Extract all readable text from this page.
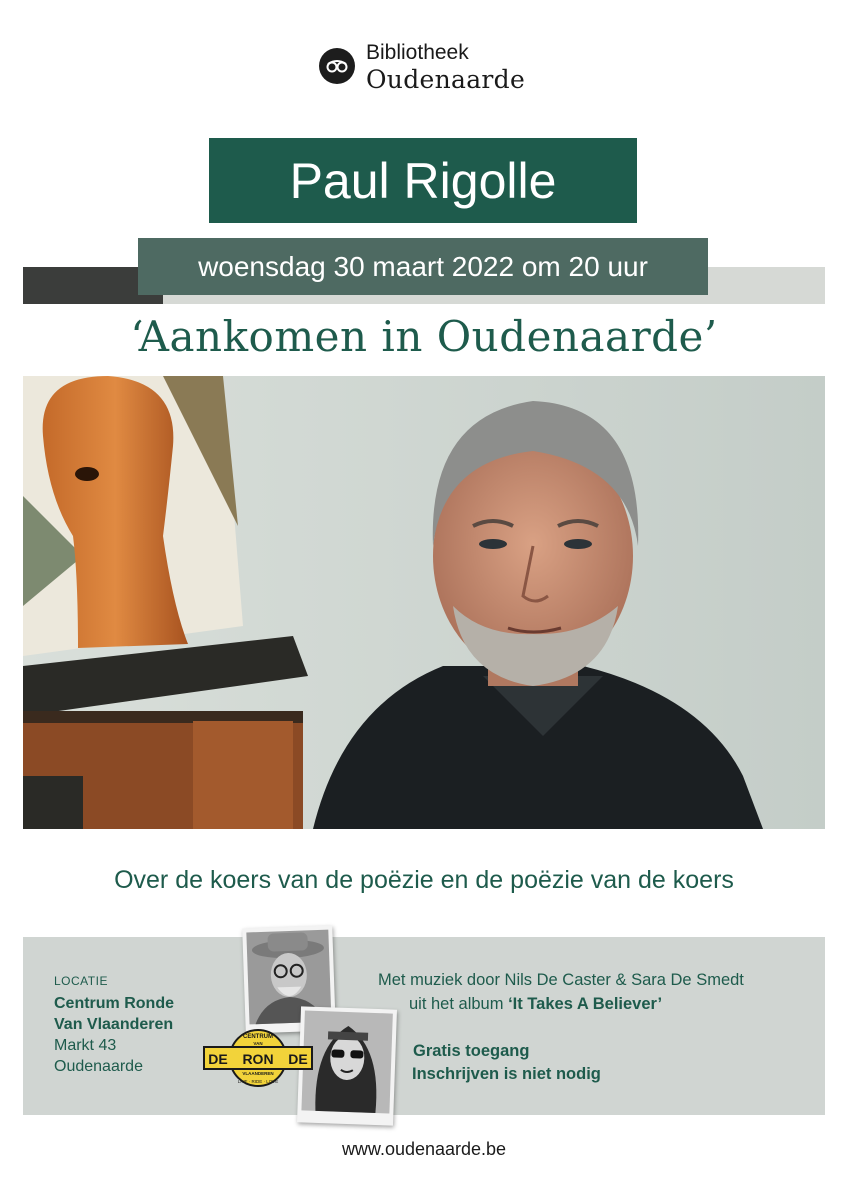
Bibliotheek
Oudenaarde
Paul Rigolle
woensdag 30 maart 2022 om 20 uur
‘Aankomen in Oudenaarde’
Over de koers van de poëzie en de poëzie van de koers
LOCATIE
Centrum Ronde
Van Vlaanderen
Markt 43
Oudenaarde
CENTRUM
VAN
DE RON DE
VLAANDEREN
LIVE · RIDE · LOVE
Met muziek door Nils De Caster & Sara De Smedt
uit het album ‘It Takes A Believer’
Gratis toegang
Inschrijven is niet nodig
www.oudenaarde.be
